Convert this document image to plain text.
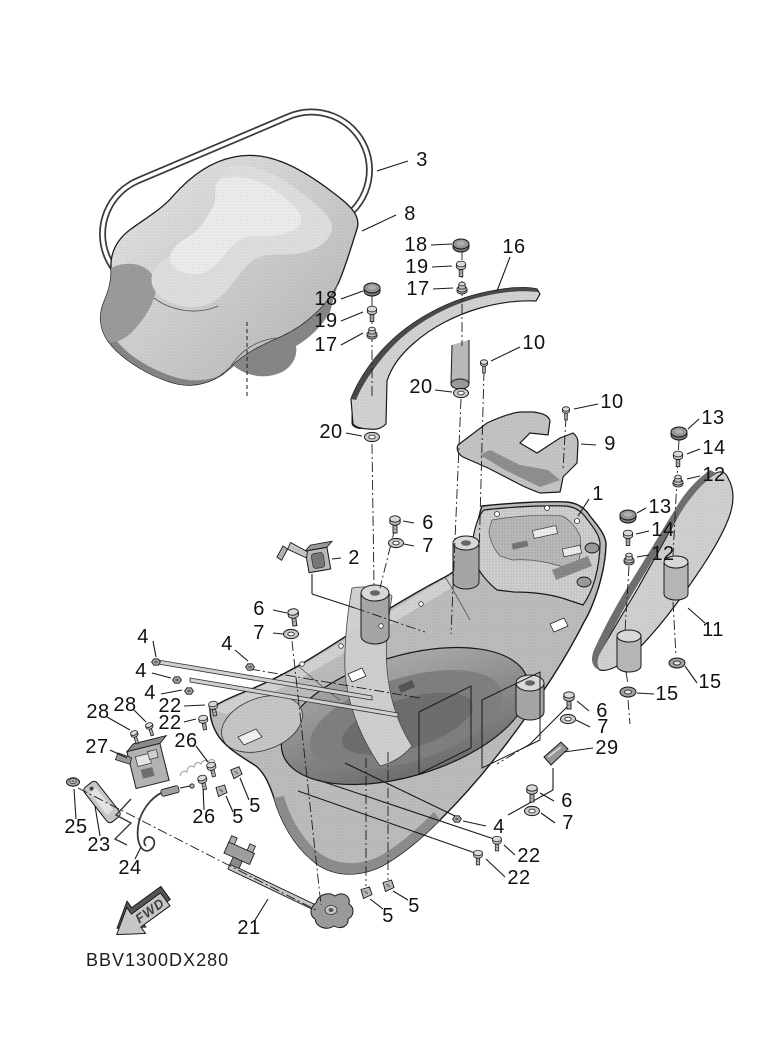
FWD
3
8
18
19
17
16
18
19
17	10
20
10
9
13
14
12
20
13
14
12
1
6
7
2
6
7
4	4
4
4
28 28 22
22
27	26
26
25
23
24
5
5
11
15
15
6
7
29
6
7
4
22
22
5 5
21
BBV1300DX280
